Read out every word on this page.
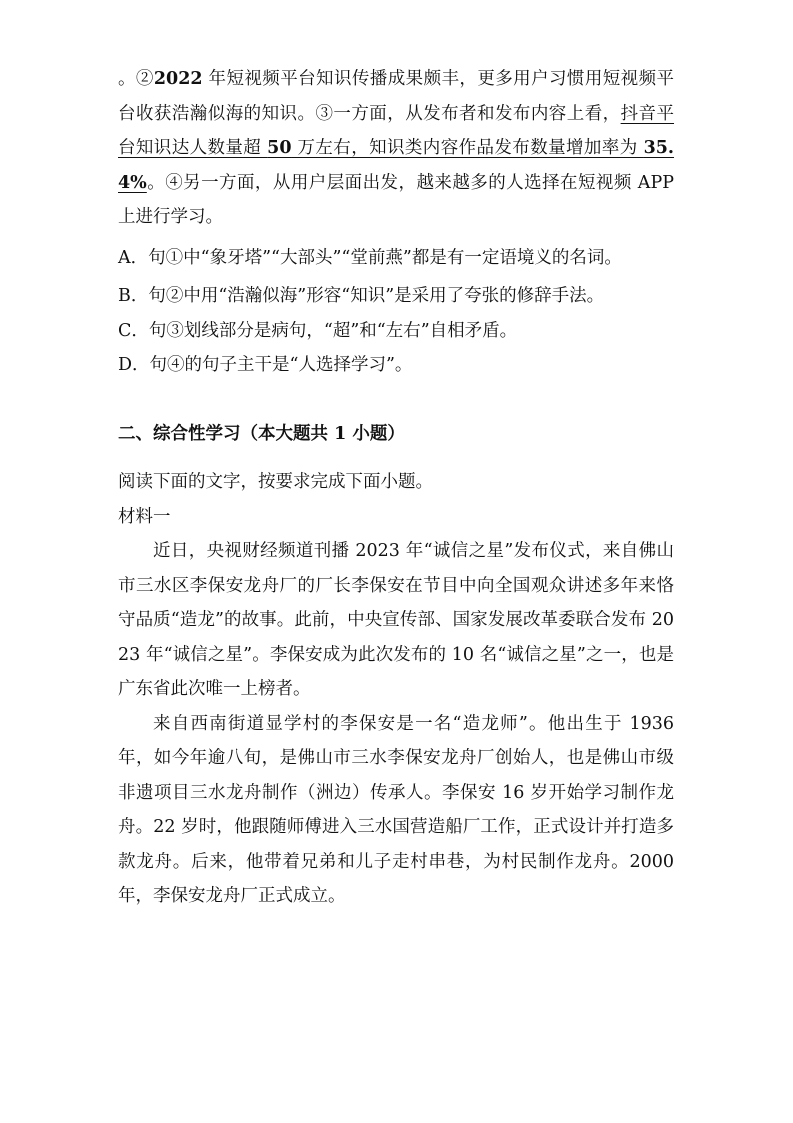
。②2022 年短视频平台知识传播成果颇丰，更多用户习惯用短视频平台收获浩瀚似海的知识。③一方面，从发布者和发布内容上看，抖音平台知识达人数量超 50 万左右，知识类内容作品发布数量增加率为 35.4%。④另一方面，从用户层面出发，越来越多的人选择在短视频 APP 上进行学习。

A．句①中“象牙塔”“大部头”“堂前燕”都是有一定语境义的名词。

B．句②中用“浩瀚似海”形容“知识”是采用了夸张的修辞手法。

C．句③划线部分是病句，“超”和“左右”自相矛盾。

D．句④的句子主干是“人选择学习”。

二、综合性学习（本大题共 1 小题）

阅读下面的文字，按要求完成下面小题。

材料一

近日，央视财经频道刊播 2023 年“诚信之星”发布仪式，来自佛山市三水区李保安龙舟厂的厂长李保安在节目中向全国观众讲述多年来恪守品质“造龙”的故事。此前，中央宣传部、国家发展改革委联合发布 2023 年“诚信之星”。李保安成为此次发布的 10 名“诚信之星”之一，也是广东省此次唯一上榜者。

来自西南街道显学村的李保安是一名“造龙师”。他出生于 1936 年，如今年逾八旬，是佛山市三水李保安龙舟厂创始人，也是佛山市级非遗项目三水龙舟制作（洲边）传承人。李保安 16 岁开始学习制作龙舟。22 岁时，他跟随师傅进入三水国营造船厂工作，正式设计并打造多款龙舟。后来，他带着兄弟和儿子走村串巷，为村民制作龙舟。2000 年，李保安龙舟厂正式成立。
